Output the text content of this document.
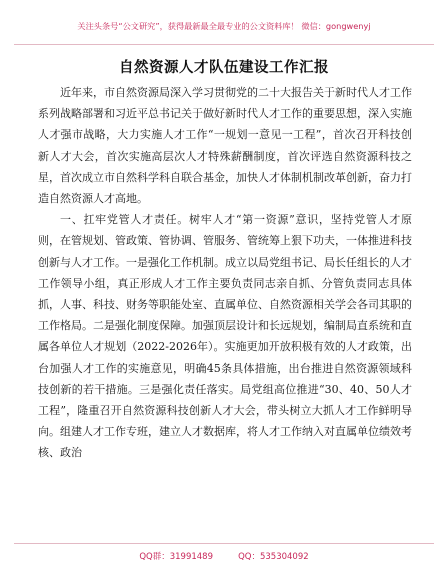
关注头条号“公文研究”，获得最新最全最专业的公文资料库！ 微信：gongwenyj
自然资源人才队伍建设工作汇报

近年来，市自然资源局深入学习贯彻党的二十大报告关于新时代人才工作系列战略部署和习近平总书记关于做好新时代人才工作的重要思想，深入实施人才强市战略，大力实施人才工作“一规划一意见一工程”，首次召开科技创新人才大会，首次实施高层次人才特殊薪酬制度，首次评选自然资源科技之星，首次成立市自然科学科自联合基金，加快人才体制机制改革创新，奋力打造自然资源人才高地。

一、扛牢党管人才责任。树牢人才“第一资源”意识，坚持党管人才原则，在管规划、管政策、管协调、管服务、管统筹上狠下功夫，一体推进科技创新与人才工作。一是强化工作机制。成立以局党组书记、局长任组长的人才工作领导小组，真正形成人才工作主要负责同志亲自抓、分管负责同志具体抓，人事、科技、财务等职能处室、直属单位、自然资源相关学会各司其职的工作格局。二是强化制度保障。加强顶层设计和长远规划，编制局直系统和直属各单位人才规划（2022-2026年）。实施更加开放积极有效的人才政策，出台加强人才工作的实施意见，明确45条具体措施，出台推进自然资源领域科技创新的若干措施。三是强化责任落实。局党组高位推进“30、40、50人才工程”，隆重召开自然资源科技创新人才大会，带头树立大抓人才工作鲜明导向。组建人才工作专班，建立人才数据库，将人才工作纳入对直属单位绩效考核、政治

QQ群：31991489	QQ：535304092
